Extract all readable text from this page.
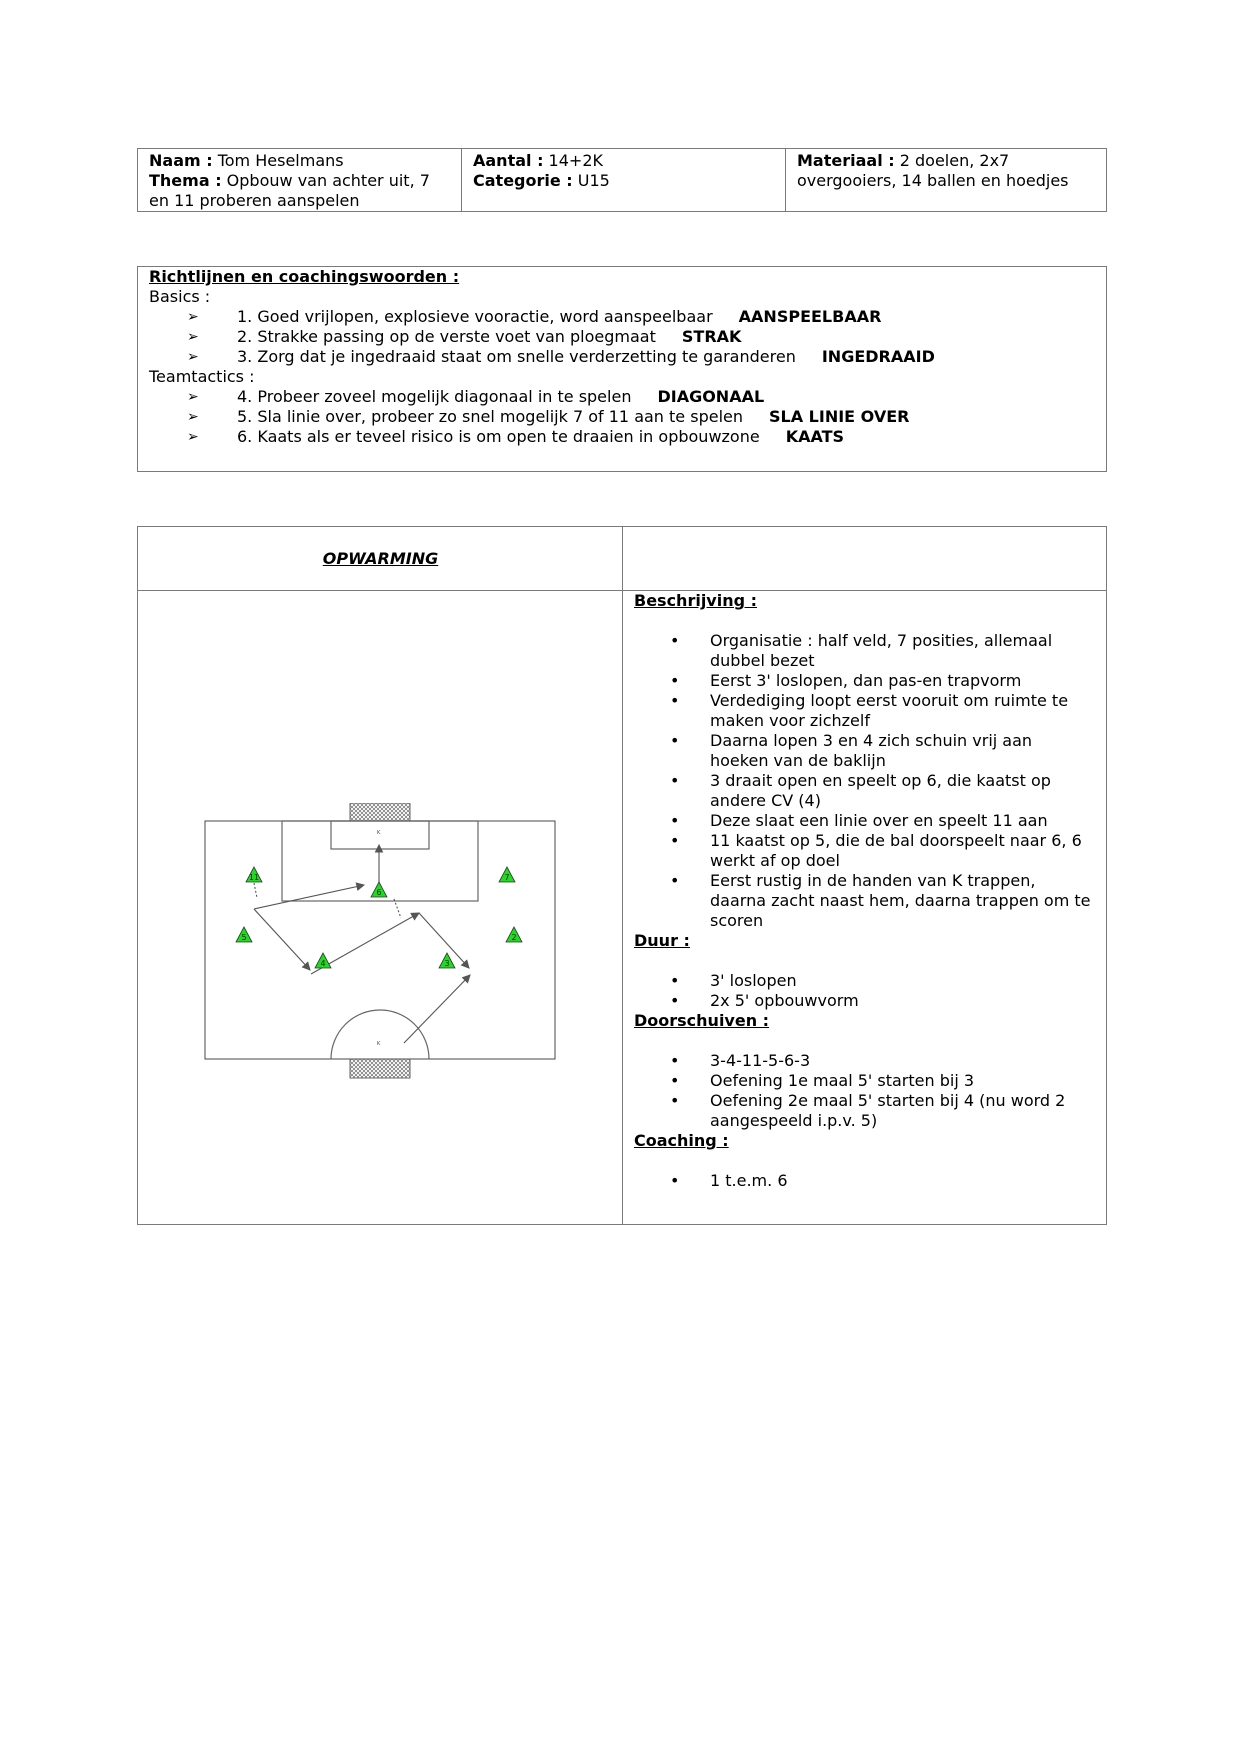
Naam : Tom Heselmans
Thema : Opbouw van achter uit, 7 en 11 proberen aanspelen
Aantal : 14+2K
Categorie : U15
Materiaal : 2 doelen, 2x7 overgooiers, 14 ballen en hoedjes
Richtlijnen en coachingswoorden :
Basics :
➢ 1. Goed vrijlopen, explosieve vooractie, word aanspeelbaar AANSPEELBAAR
➢ 2. Strakke passing op de verste voet van ploegmaat STRAK
➢ 3. Zorg dat je ingedraaid staat om snelle verderzetting te garanderen INGEDRAAID
Teamtactics :
➢ 4. Probeer zoveel mogelijk diagonaal in te spelen DIAGONAAL
➢ 5. Sla linie over, probeer zo snel mogelijk 7 of 11 aan te spelen SLA LINIE OVER
➢ 6. Kaats als er teveel risico is om open te draaien in opbouwzone KAATS
OPWARMING
K
K
11	7
6
5	2
4	3
Beschrijving :
• Organisatie : half veld, 7 posities, allemaal dubbel bezet
• Eerst 3' loslopen, dan pas-en trapvorm
• Verdediging loopt eerst vooruit om ruimte te maken voor zichzelf
• Daarna lopen 3 en 4 zich schuin vrij aan hoeken van de baklijn
• 3 draait open en speelt op 6, die kaatst op andere CV (4)
• Deze slaat een linie over en speelt 11 aan
• 11 kaatst op 5, die de bal doorspeelt naar 6, 6 werkt af op doel
• Eerst rustig in de handen van K trappen, daarna zacht naast hem, daarna trappen om te scoren
Duur :
• 3' loslopen
• 2x 5' opbouwvorm
Doorschuiven :
• 3-4-11-5-6-3
• Oefening 1e maal 5' starten bij 3
• Oefening 2e maal 5' starten bij 4 (nu word 2 aangespeeld i.p.v. 5)
Coaching :
• 1 t.e.m. 6
